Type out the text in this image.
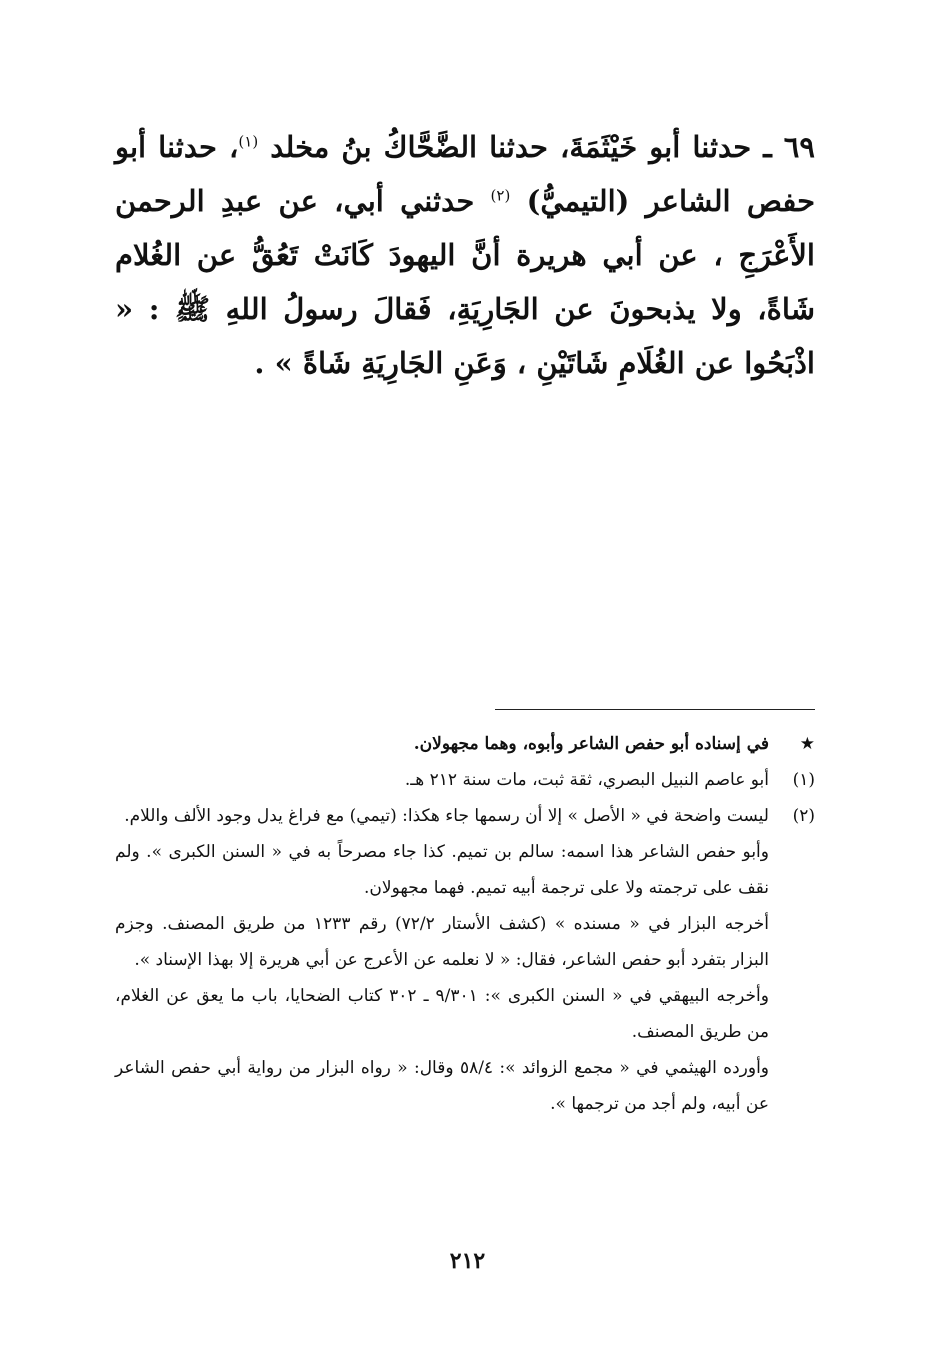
٦٩ ـ حدثنا أبو خَيْثَمَةَ، حدثنا الضَّحَّاكُ بنُ مخلد $^{(١)}$، حدثنا أبو حفص الشاعر (التيميُّ) $^{(٢)}$ حدثني أبي، عن عبدِ الرحمن الأَعْرَجِ ، عن أبي هريرة أنَّ اليهودَ كَانَتْ تَعُقُّ عن الغُلام شَاةً، ولا يذبحونَ عن الجَارِيَةِ، فَقالَ رسولُ اللهِ ﷺ : « اذْبَحُوا عن الغُلَامِ شَاتَيْنِ ، وَعَنِ الجَارِيَةِ شَاةً » .

★

في إسناده أبو حفص الشاعر وأبوه، وهما مجهولان.

(١)

أبو عاصم النبيل البصري، ثقة ثبت، مات سنة ٢١٢ هـ.

(٢)

ليست واضحة في « الأصل » إلا أن رسمها جاء هكذا: (تيمي) مع فراغ يدل وجود الألف واللام.

وأبو حفص الشاعر هذا اسمه: سالم بن تميم. كذا جاء مصرحاً به في « السنن الكبرى ». ولم نقف على ترجمته ولا على ترجمة أبيه تميم. فهما مجهولان.

أخرجه البزار في « مسنده » (كشف الأستار ٧٢/٢) رقم ١٢٣٣ من طريق المصنف. وجزم البزار بتفرد أبو حفص الشاعر، فقال: « لا نعلمه عن الأعرج عن أبي هريرة إلا بهذا الإسناد ».

وأخرجه البيهقي في « السنن الكبرى »: ٩/٣٠١ ـ ٣٠٢ كتاب الضحايا، باب ما يعق عن الغلام، من طريق المصنف.

وأورده الهيثمي في « مجمع الزوائد »: ٥٨/٤ وقال: « رواه البزار من رواية أبي حفص الشاعر عن أبيه، ولم أجد من ترجمها ».

٢١٢
